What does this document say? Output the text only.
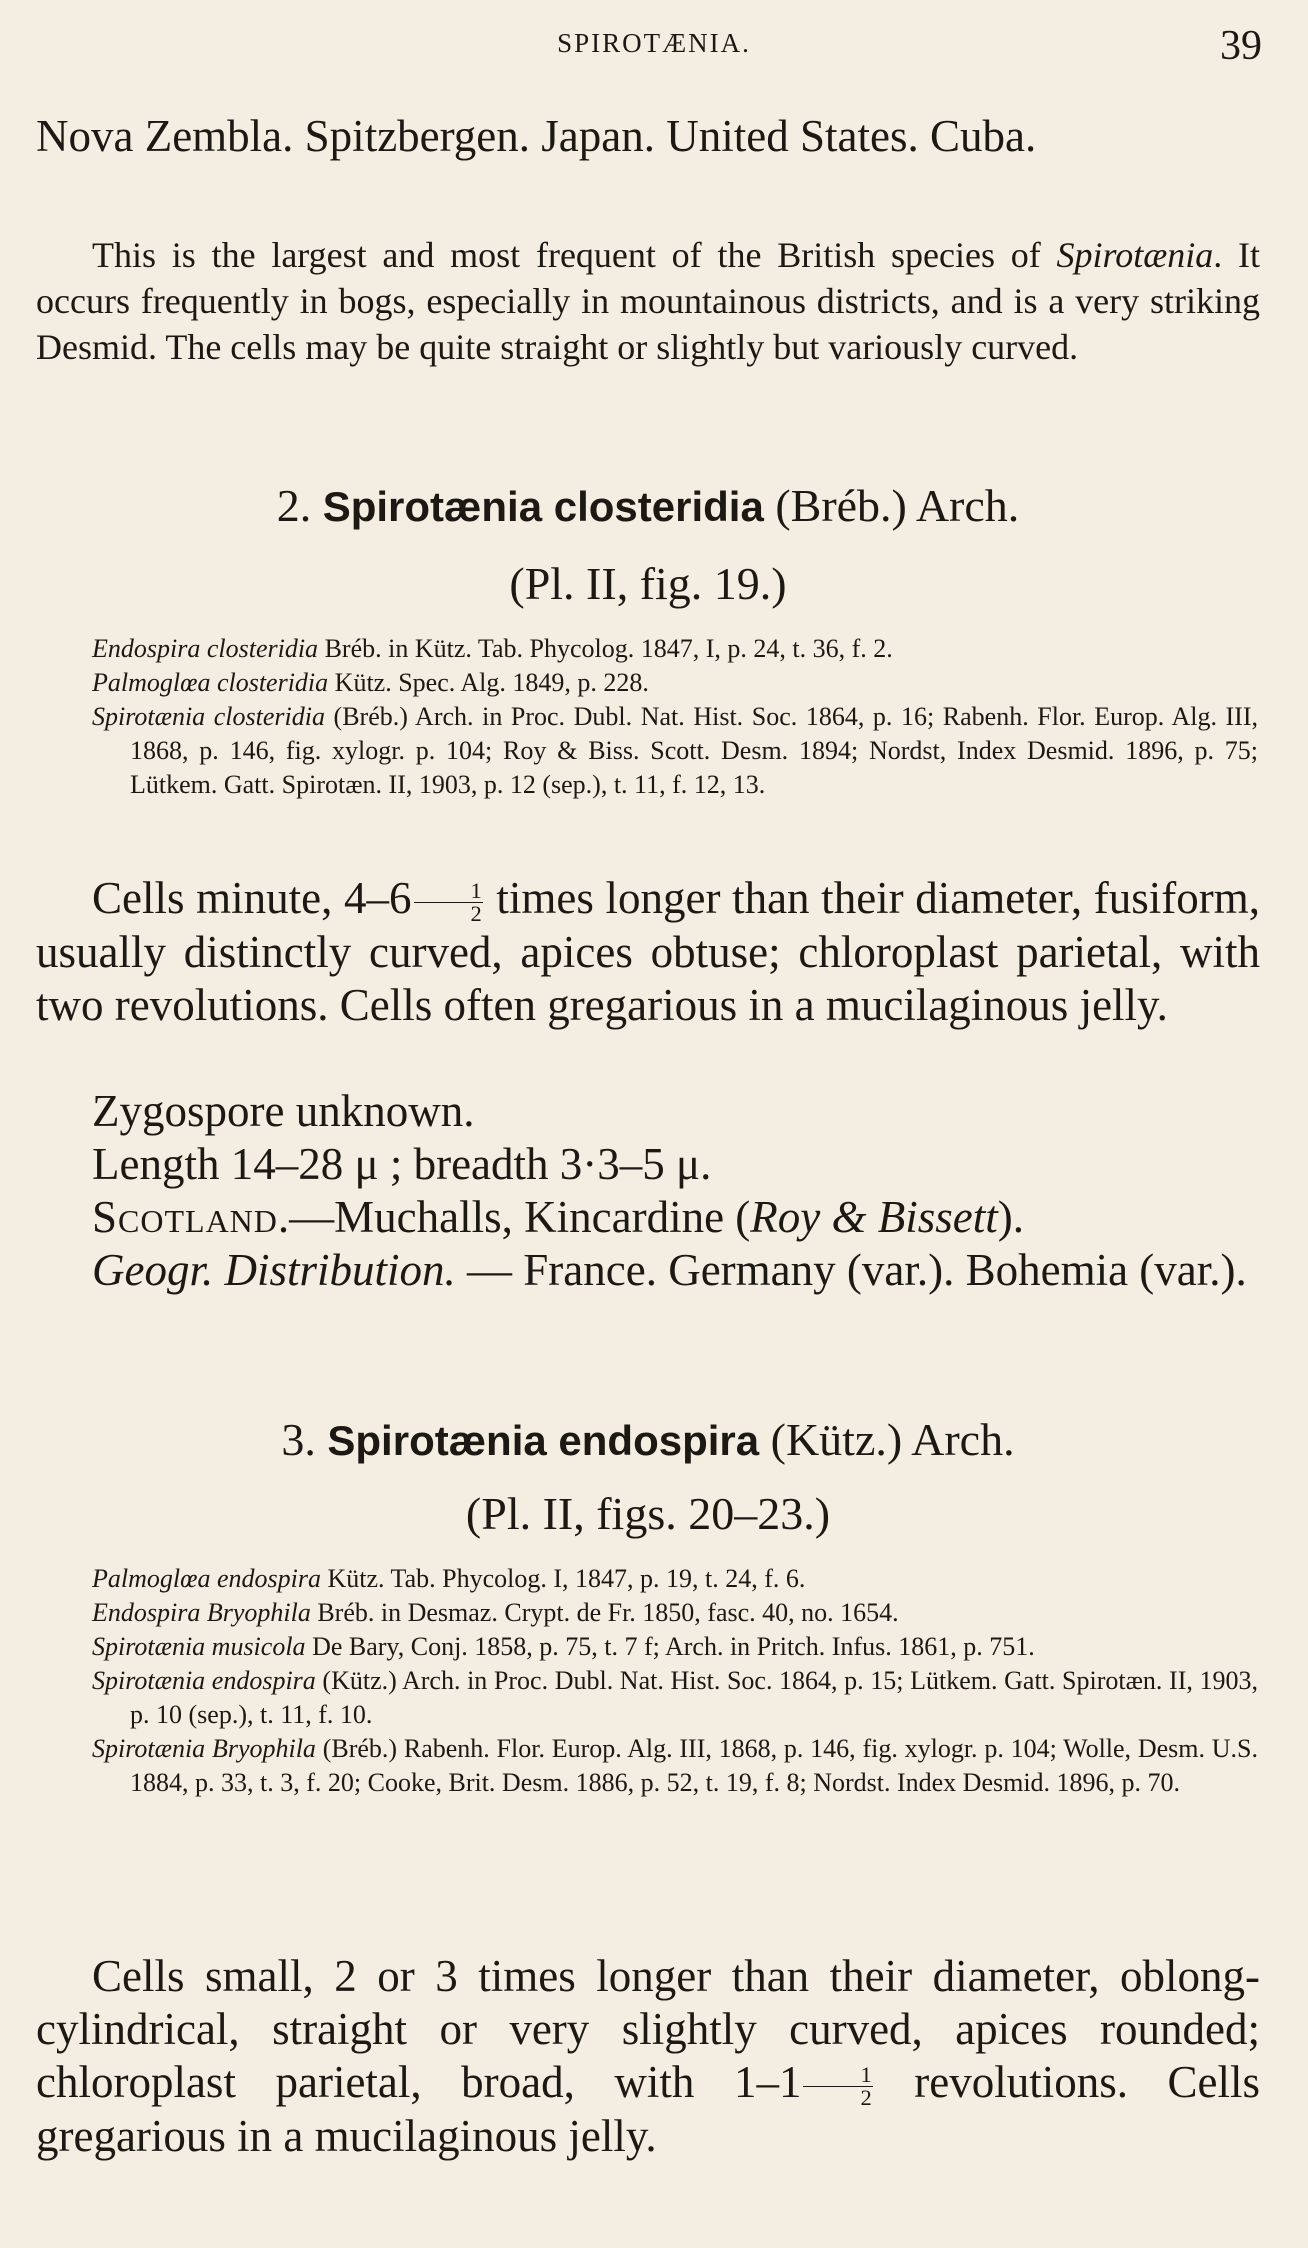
SPIROTÆNIA.	39
Nova Zembla. Spitzbergen. Japan. United States. Cuba.
This is the largest and most frequent of the British species of Spirotænia. It occurs frequently in bogs, especially in mountainous districts, and is a very striking Desmid. The cells may be quite straight or slightly but variously curved.
2. Spirotænia closteridia (Bréb.) Arch.
(Pl. II, fig. 19.)

Endospira closteridia Bréb. in Kütz. Tab. Phycolog. 1847, I, p. 24, t. 36, f. 2.

Palmoglœa closteridia Kütz. Spec. Alg. 1849, p. 228.

Spirotænia closteridia (Bréb.) Arch. in Proc. Dubl. Nat. Hist. Soc. 1864, p. 16; Rabenh. Flor. Europ. Alg. III, 1868, p. 146, fig. xylogr. p. 104; Roy & Biss. Scott. Desm. 1894; Nordst, Index Desmid. 1896, p. 75; Lütkem. Gatt. Spirotæn. II, 1903, p. 12 (sep.), t. 11, f. 12, 13.

Cells minute, $4-6 \frac{1}{2}$ times longer than their diameter, fusiform, usually distinctly curved, apices obtuse; chloroplast parietal, with two revolutions. Cells often gregarious in a mucilaginous jelly.
Zygospore unknown.
Length 14–28 μ ; breadth 3·3–5 μ.
Scotland.—Muchalls, Kincardine (Roy & Bissett).
Geogr. Distribution. — France. Germany (var.). Bohemia (var.).
3. Spirotænia endospira (Kütz.) Arch.
(Pl. II, figs. 20–23.)

Palmoglœa endospira Kütz. Tab. Phycolog. I, 1847, p. 19, t. 24, f. 6.

Endospira Bryophila Bréb. in Desmaz. Crypt. de Fr. 1850, fasc. 40, no. 1654.

Spirotænia musicola De Bary, Conj. 1858, p. 75, t. 7 f; Arch. in Pritch. Infus. 1861, p. 751.

Spirotænia endospira (Kütz.) Arch. in Proc. Dubl. Nat. Hist. Soc. 1864, p. 15; Lütkem. Gatt. Spirotæn. II, 1903, p. 10 (sep.), t. 11, f. 10.

Spirotænia Bryophila (Bréb.) Rabenh. Flor. Europ. Alg. III, 1868, p. 146, fig. xylogr. p. 104; Wolle, Desm. U.S. 1884, p. 33, t. 3, f. 20; Cooke, Brit. Desm. 1886, p. 52, t. 19, f. 8; Nordst. Index Desmid. 1896, p. 70.

Cells small, 2 or 3 times longer than their diameter, oblong-cylindrical, straight or very slightly curved, apices rounded; chloroplast parietal, broad, with $1-1 \frac{1}{2}$ revolutions. Cells gregarious in a mucilaginous jelly.
